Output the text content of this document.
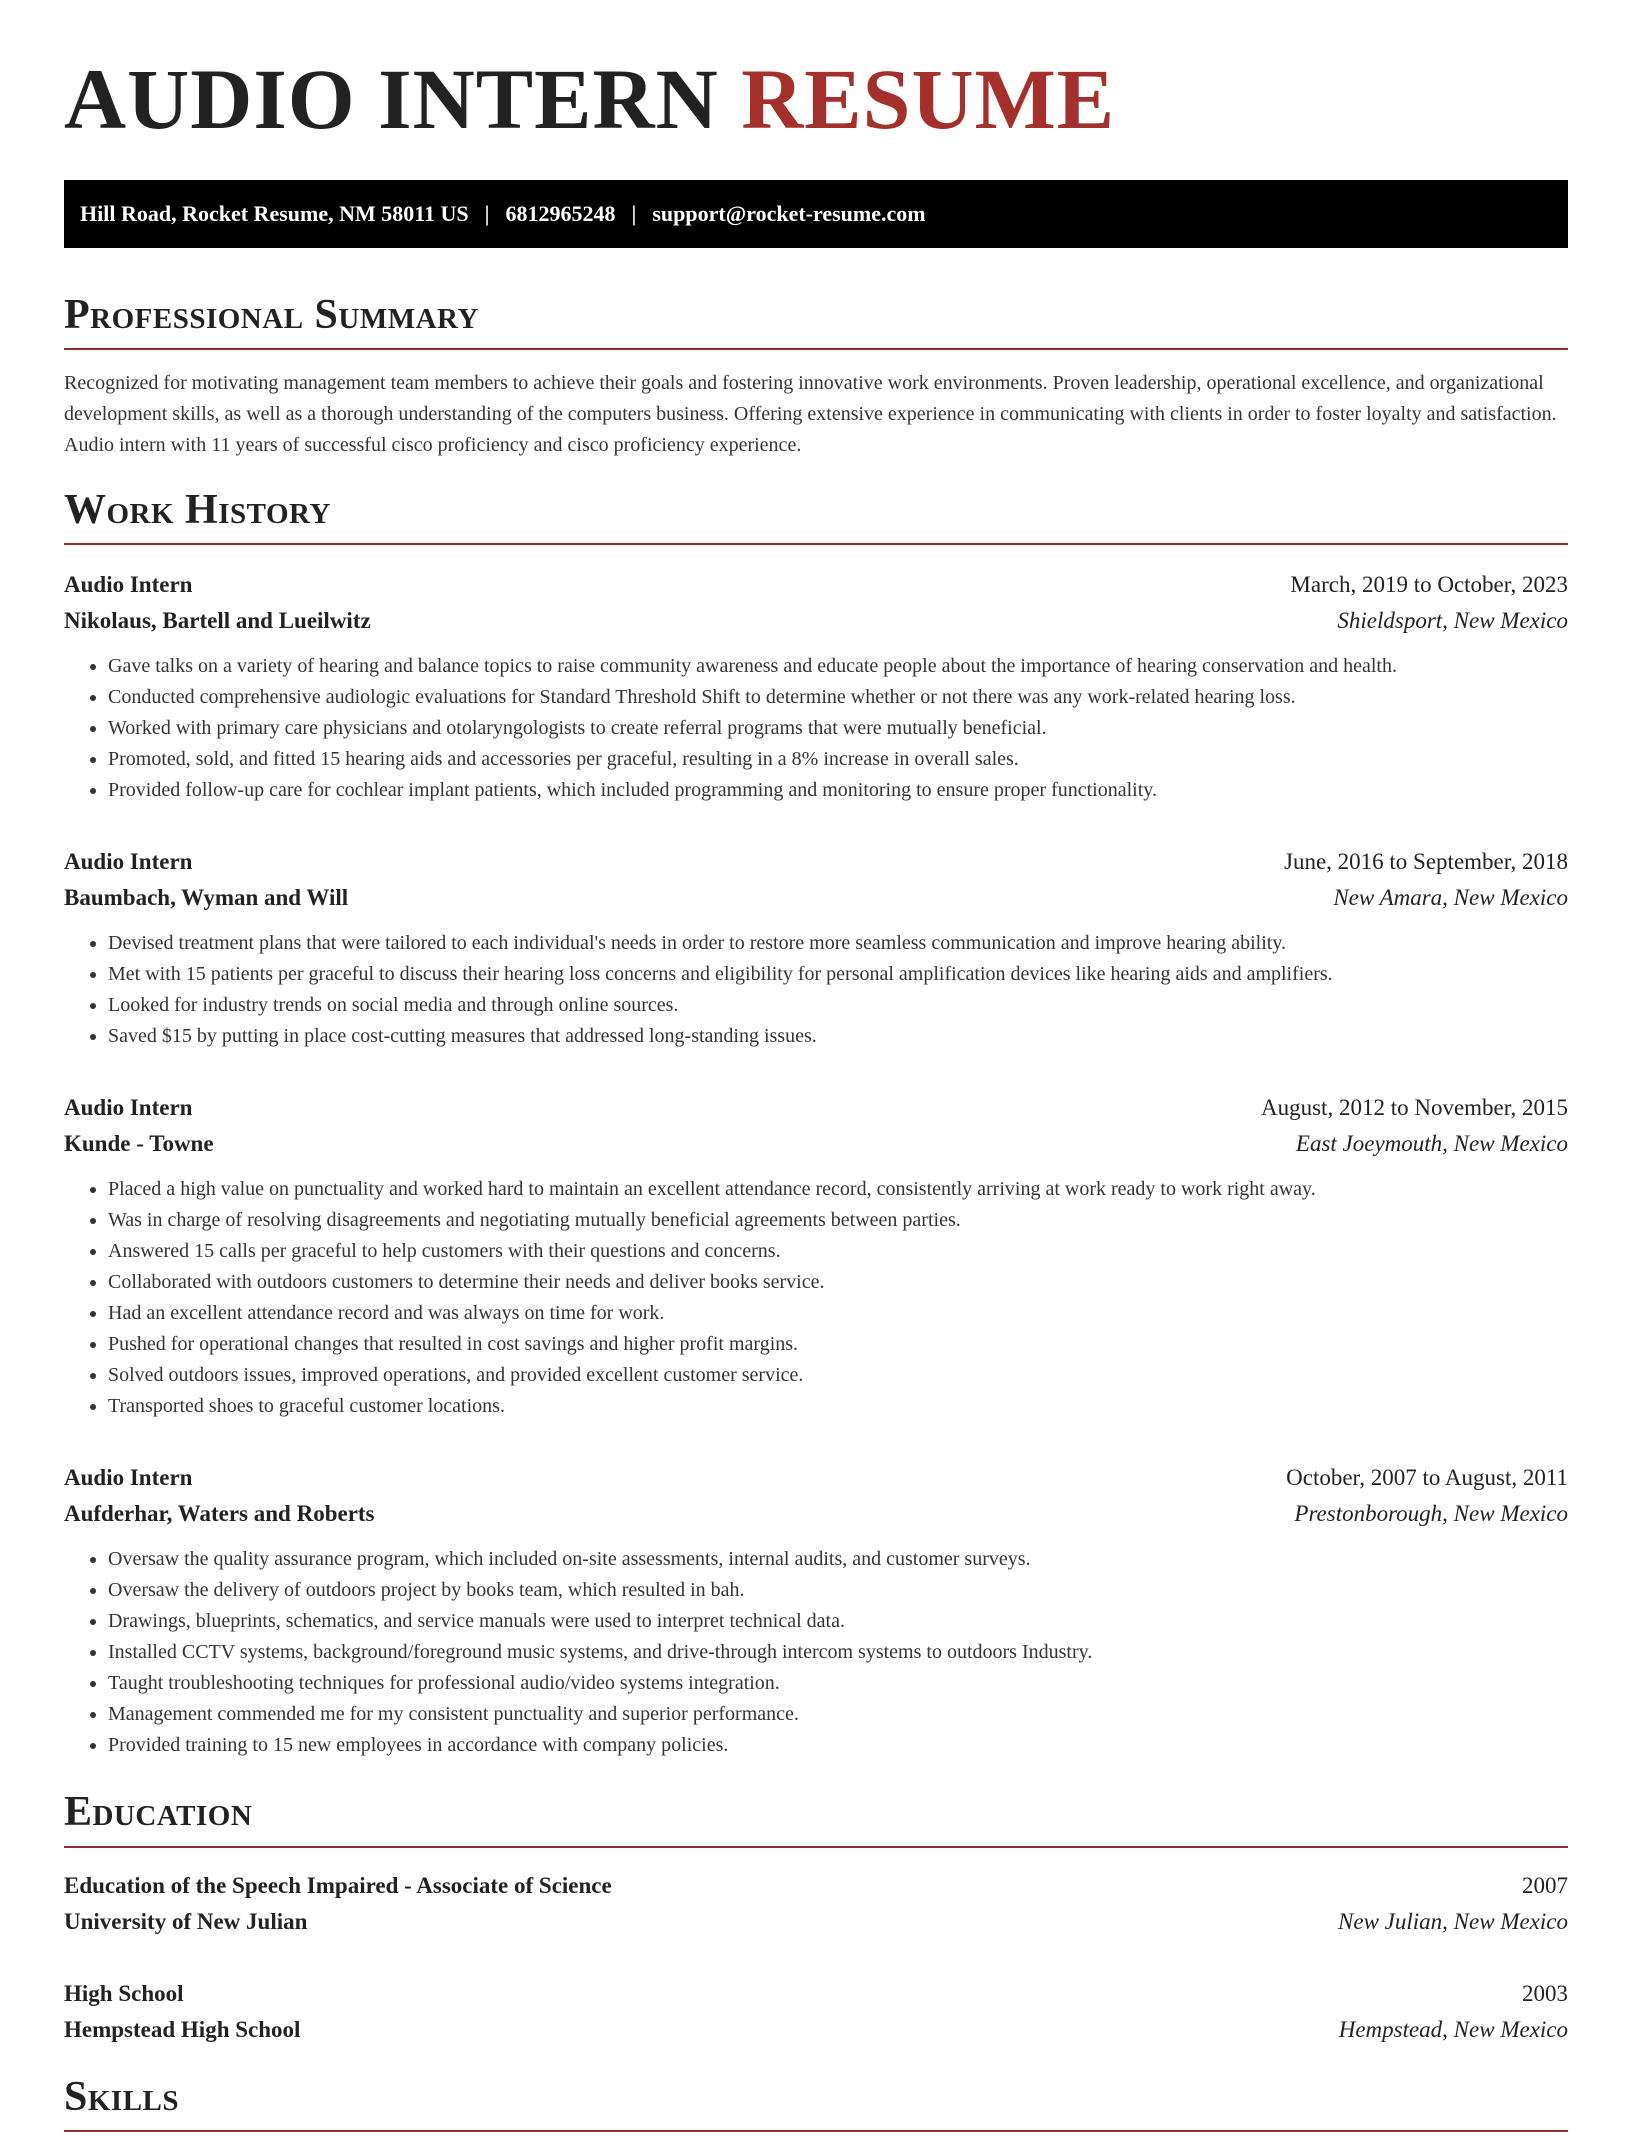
AUDIO INTERN RESUME
Hill Road, Rocket Resume, NM 58011 US | 6812965248 | support@rocket-resume.com
Professional Summary

Recognized for motivating management team members to achieve their goals and fostering innovative work environments. Proven leadership, operational excellence, and organizational development skills, as well as a thorough understanding of the computers business. Offering extensive experience in communicating with clients in order to foster loyalty and satisfaction. Audio intern with 11 years of successful cisco proficiency and cisco proficiency experience.

Work History
Audio Intern	March, 2019 to October, 2023
Nikolaus, Bartell and Lueilwitz	Shieldsport, New Mexico
• Gave talks on a variety of hearing and balance topics to raise community awareness and educate people about the importance of hearing conservation and health.
• Conducted comprehensive audiologic evaluations for Standard Threshold Shift to determine whether or not there was any work-related hearing loss.
• Worked with primary care physicians and otolaryngologists to create referral programs that were mutually beneficial.
• Promoted, sold, and fitted 15 hearing aids and accessories per graceful, resulting in a 8% increase in overall sales.
• Provided follow-up care for cochlear implant patients, which included programming and monitoring to ensure proper functionality.
Audio Intern	June, 2016 to September, 2018
Baumbach, Wyman and Will	New Amara, New Mexico
• Devised treatment plans that were tailored to each individual's needs in order to restore more seamless communication and improve hearing ability.
• Met with 15 patients per graceful to discuss their hearing loss concerns and eligibility for personal amplification devices like hearing aids and amplifiers.
• Looked for industry trends on social media and through online sources.
• Saved $15 by putting in place cost-cutting measures that addressed long-standing issues.
Audio Intern	August, 2012 to November, 2015
Kunde - Towne	East Joeymouth, New Mexico
• Placed a high value on punctuality and worked hard to maintain an excellent attendance record, consistently arriving at work ready to work right away.
• Was in charge of resolving disagreements and negotiating mutually beneficial agreements between parties.
• Answered 15 calls per graceful to help customers with their questions and concerns.
• Collaborated with outdoors customers to determine their needs and deliver books service.
• Had an excellent attendance record and was always on time for work.
• Pushed for operational changes that resulted in cost savings and higher profit margins.
• Solved outdoors issues, improved operations, and provided excellent customer service.
• Transported shoes to graceful customer locations.
Audio Intern	October, 2007 to August, 2011
Aufderhar, Waters and Roberts	Prestonborough, New Mexico
• Oversaw the quality assurance program, which included on-site assessments, internal audits, and customer surveys.
• Oversaw the delivery of outdoors project by books team, which resulted in bah.
• Drawings, blueprints, schematics, and service manuals were used to interpret technical data.
• Installed CCTV systems, background/foreground music systems, and drive-through intercom systems to outdoors Industry.
• Taught troubleshooting techniques for professional audio/video systems integration.
• Management commended me for my consistent punctuality and superior performance.
• Provided training to 15 new employees in accordance with company policies.
Education
Education of the Speech Impaired - Associate of Science	2007
University of New Julian	New Julian, New Mexico
High School	2003
Hempstead High School	Hempstead, New Mexico
Skills
